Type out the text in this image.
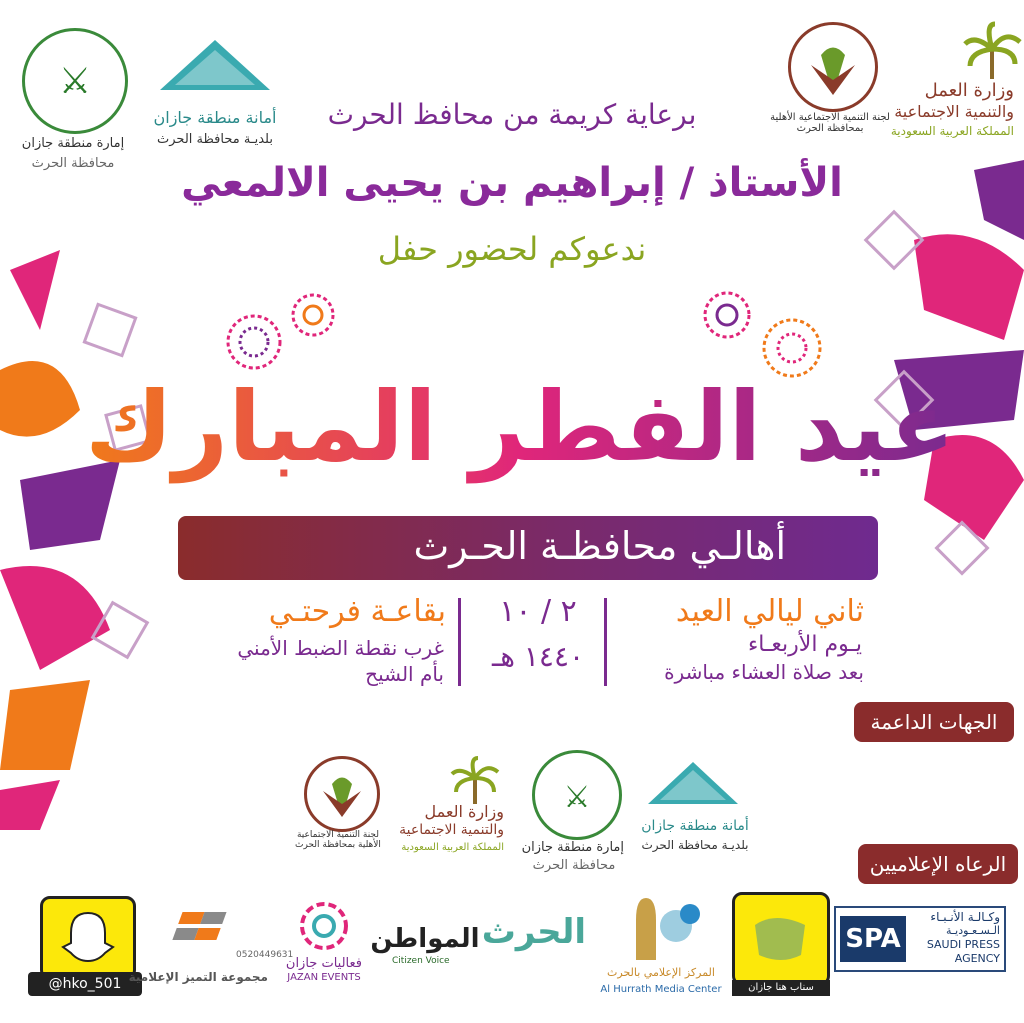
⚔
إمارة منطقة جازان
محافظة الحرث
أمانة منطقة جازان
بلديـة محافظة الحرث
لجنة التنمية الاجتماعية الأهلية بمحافظة الحرث
وزارة العمل
والتنمية الاجتماعية
المملكة العربية السعودية
برعاية كريمة من محافظ الحرث
الأستاذ / إبراهيم بن يحيى الالمعي
ندعوكم لحضور حفل
عيد الفطر المبارك
أهالـي محافظـة الحـرث
ثاني ليالي العيد
يـوم الأربعـاء
بعد صلاة العشاء مباشرة
٢ / ١٠
١٤٤٠ هـ
بقاعـة فرحتـي
غرب نقطة الضبط الأمني
بأم الشيح
الجهات الداعمة
لجنة التنمية الاجتماعية الأهلية بمحافظة الحرث
وزارة العمل
والتنمية الاجتماعية
المملكة العربية السعودية
⚔
إمارة منطقة جازان
محافظة الحرث
أمانة منطقة جازان
بلديـة محافظة الحرث
الرعاه الإعلاميين
@hko_501
0520449631
مجموعة التميز الإعلامية
فعاليات جازان
JAZAN EVENTS
المواطن
Citizen Voice
الحرث
المركز الإعلامي بالحرث
Al Hurrath Media Center	سناب هنا جازان
SPA
وكـالـة الأنـبـاء
الـسـعـوديـة
SAUDI PRESS
AGENCY
